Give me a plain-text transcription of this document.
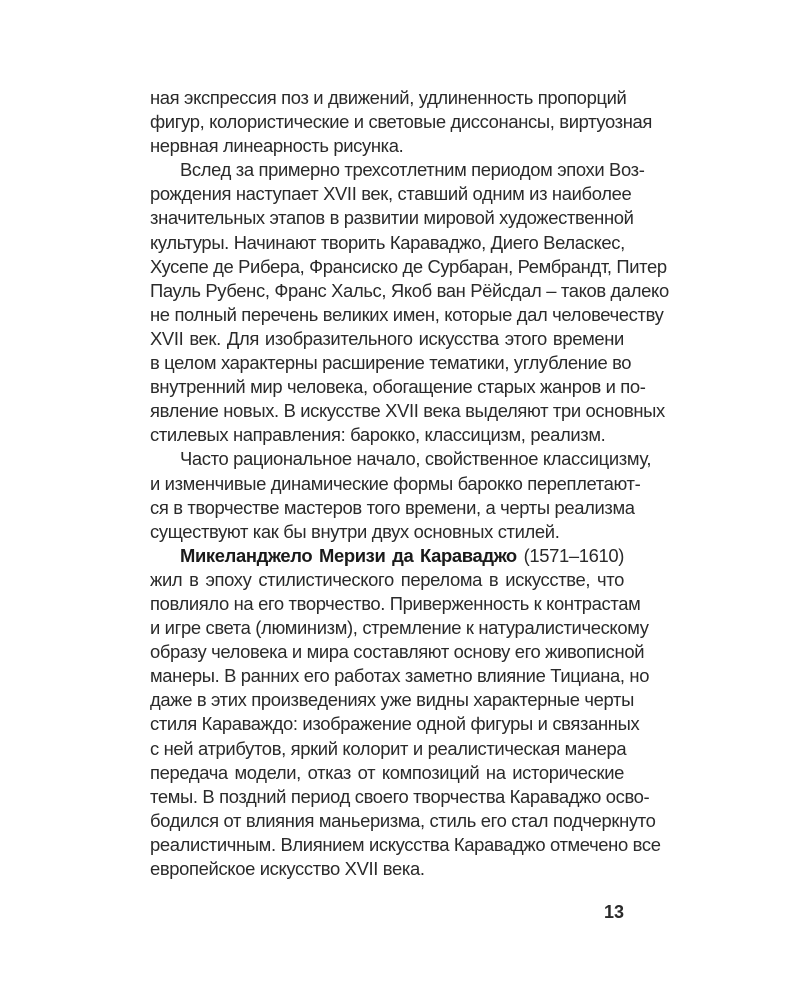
ная экспрессия поз и движений, удлиненность пропорций
фигур, колористические и световые диссонансы, виртуозная
нервная линеарность рисунка.
Вслед за примерно трехсотлетним периодом эпохи Воз-
рождения наступает XVII век, ставший одним из наиболее
значительных этапов в развитии мировой художественной
культуры. Начинают творить Караваджо, Диего Веласкес,
Хусепе де Рибера, Франсиско де Сурбаран, Рембрандт, Питер
Пауль Рубенс, Франс Хальс, Якоб ван Рёйсдал – таков далеко
не полный перечень великих имен, которые дал человечеству
XVII век. Для изобразительного искусства этого времени
в целом характерны расширение тематики, углубление во
внутренний мир человека, обогащение старых жанров и по-
явление новых. В искусстве XVII века выделяют три основных
стилевых направления: барокко, классицизм, реализм.
Часто рациональное начало, свойственное классицизму,
и изменчивые динамические формы барокко переплетают-
ся в творчестве мастеров того времени, а черты реализма
существуют как бы внутри двух основных стилей.
Микеланджело Меризи да Караваджо (1571–1610)
жил в эпоху стилистического перелома в искусстве, что
повлияло на его творчество. Приверженность к контрастам
и игре света (люминизм), стремление к натуралистическому
образу человека и мира составляют основу его живописной
манеры. В ранних его работах заметно влияние Тициана, но
даже в этих произведениях уже видны характерные черты
стиля Караваждо: изображение одной фигуры и связанных
с ней атрибутов, яркий колорит и реалистическая манера
передача модели, отказ от композиций на исторические
темы. В поздний период своего творчества Караваджо осво-
бодился от влияния маньеризма, стиль его стал подчеркнуто
реалистичным. Влиянием искусства Караваджо отмечено все
европейское искусство XVII века.
13
